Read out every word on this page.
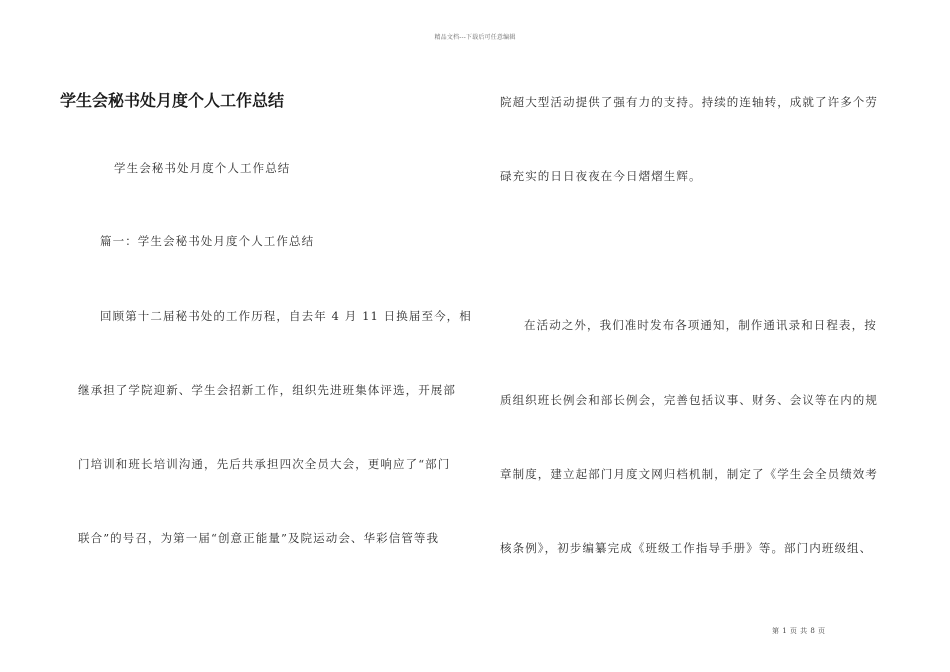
精品文档---下载后可任意编辑
学生会秘书处月度个人工作总结
学生会秘书处月度个人工作总结
篇一：学生会秘书处月度个人工作总结
回顾第十二届秘书处的工作历程，自去年 4 月 11 日换届至今，相
继承担了学院迎新、学生会招新工作，组织先进班集体评选，开展部
门培训和班长培训沟通，先后共承担四次全员大会，更响应了“部门
联合”的号召，为第一届“创意正能量”及院运动会、华彩信管等我
院超大型活动提供了强有力的支持。持续的连轴转，成就了许多个劳
碌充实的日日夜夜在今日熠熠生辉。
在活动之外，我们准时发布各项通知，制作通讯录和日程表，按
质组织班长例会和部长例会，完善包括议事、财务、会议等在内的规
章制度，建立起部门月度文网归档机制，制定了《学生会全员绩效考
核条例》，初步编纂完成《班级工作指导手册》等。部门内班级组、
第 1 页 共 8 页
